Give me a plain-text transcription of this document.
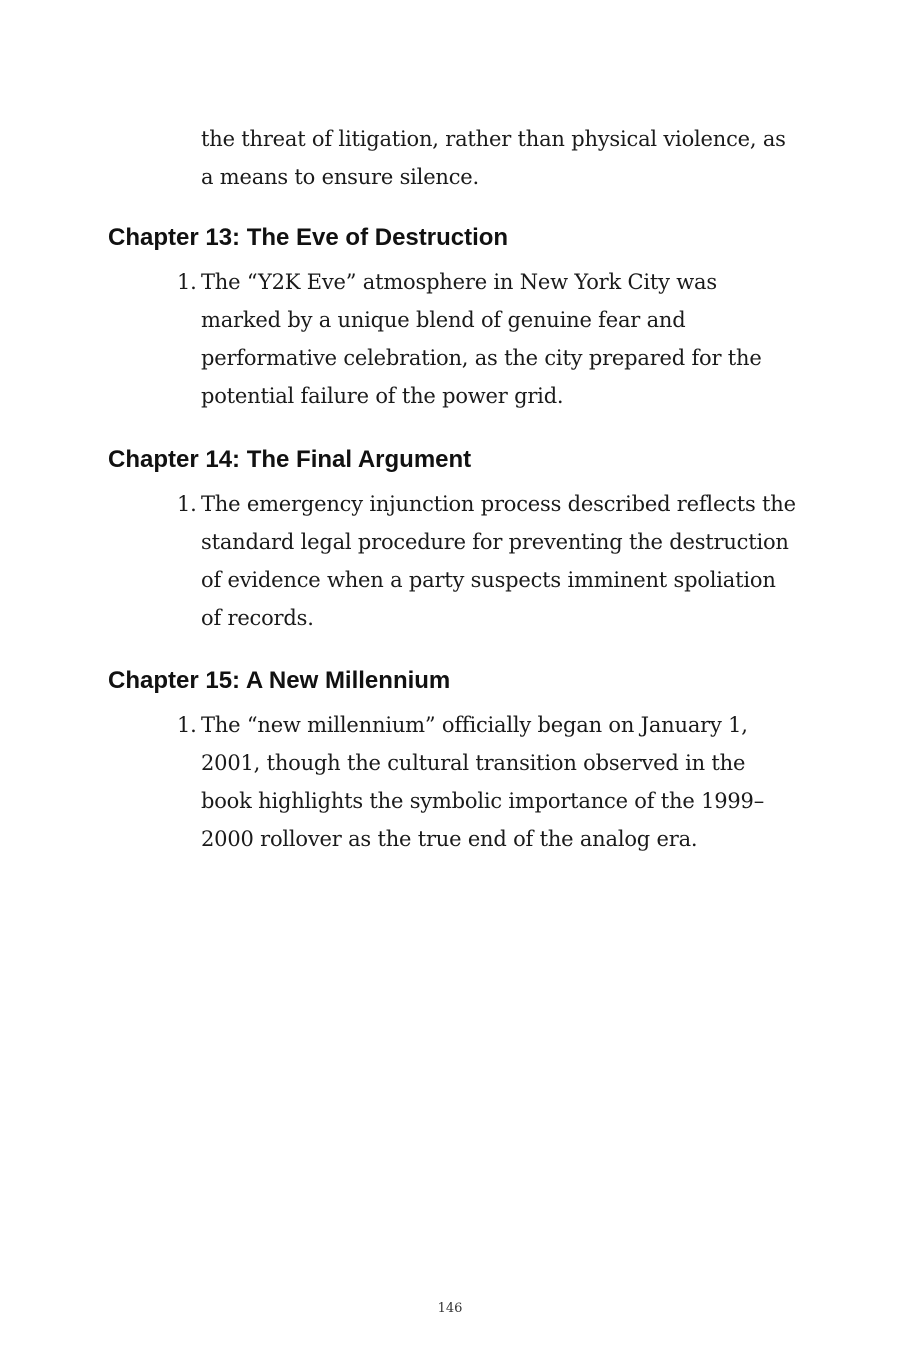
the threat of litigation, rather than physical violence, as a means to ensure silence.

Chapter 13: The Eve of Destruction
1. The “Y2K Eve” atmosphere in New York City was marked by a unique blend of genuine fear and performative celebration, as the city prepared for the potential failure of the power grid.
Chapter 14: The Final Argument
1. The emergency injunction process described reflects the standard legal procedure for preventing the destruction of evidence when a party suspects imminent spoliation of records.
Chapter 15: A New Millennium
1. The “new millennium” officially began on January 1, 2001, though the cultural transition observed in the book highlights the symbolic importance of the 1999–2000 rollover as the true end of the analog era.
146
